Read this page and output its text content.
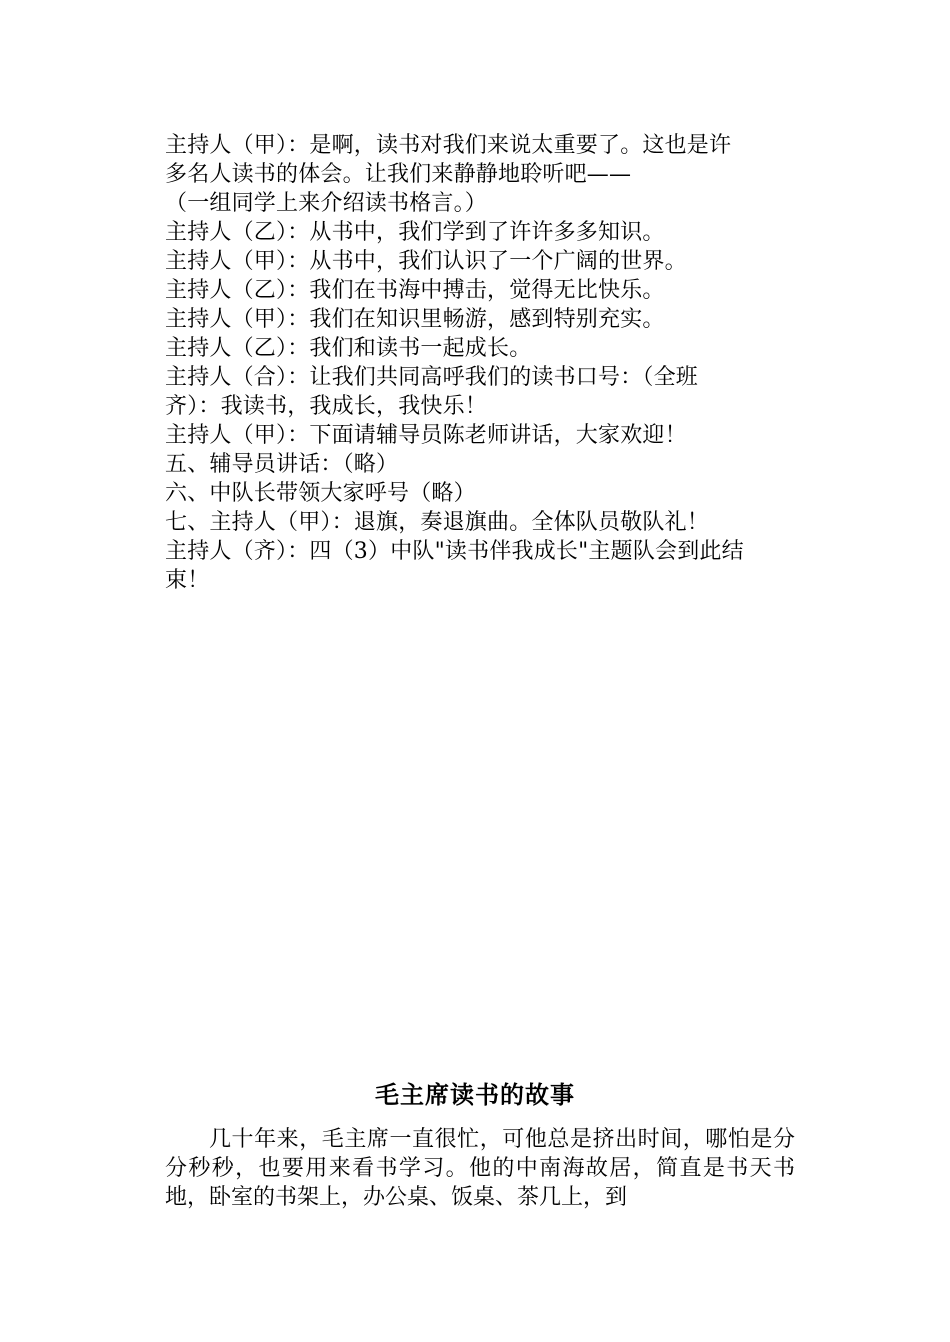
主持人（甲）：是啊，读书对我们来说太重要了。这也是许
多名人读书的体会。让我们来静静地聆听吧——
（一组同学上来介绍读书格言。）
主持人（乙）：从书中，我们学到了许许多多知识。
主持人（甲）：从书中，我们认识了一个广阔的世界。
主持人（乙）：我们在书海中搏击，觉得无比快乐。
主持人（甲）：我们在知识里畅游，感到特别充实。
主持人（乙）：我们和读书一起成长。
主持人（合）：让我们共同高呼我们的读书口号：（全班
齐）：我读书，我成长，我快乐！
主持人（甲）：下面请辅导员陈老师讲话，大家欢迎！
五、辅导员讲话：（略）
六、中队长带领大家呼号（略）
七、主持人（甲）：退旗，奏退旗曲。全体队员敬队礼！
主持人（齐）：四（3）中队"读书伴我成长"主题队会到此结
束！
毛主席读书的故事

几十年来，毛主席一直很忙，可他总是挤出时间，哪怕是分分秒秒，也要用来看书学习。他的中南海故居，简直是书天书地，卧室的书架上，办公桌、饭桌、茶几上，到
